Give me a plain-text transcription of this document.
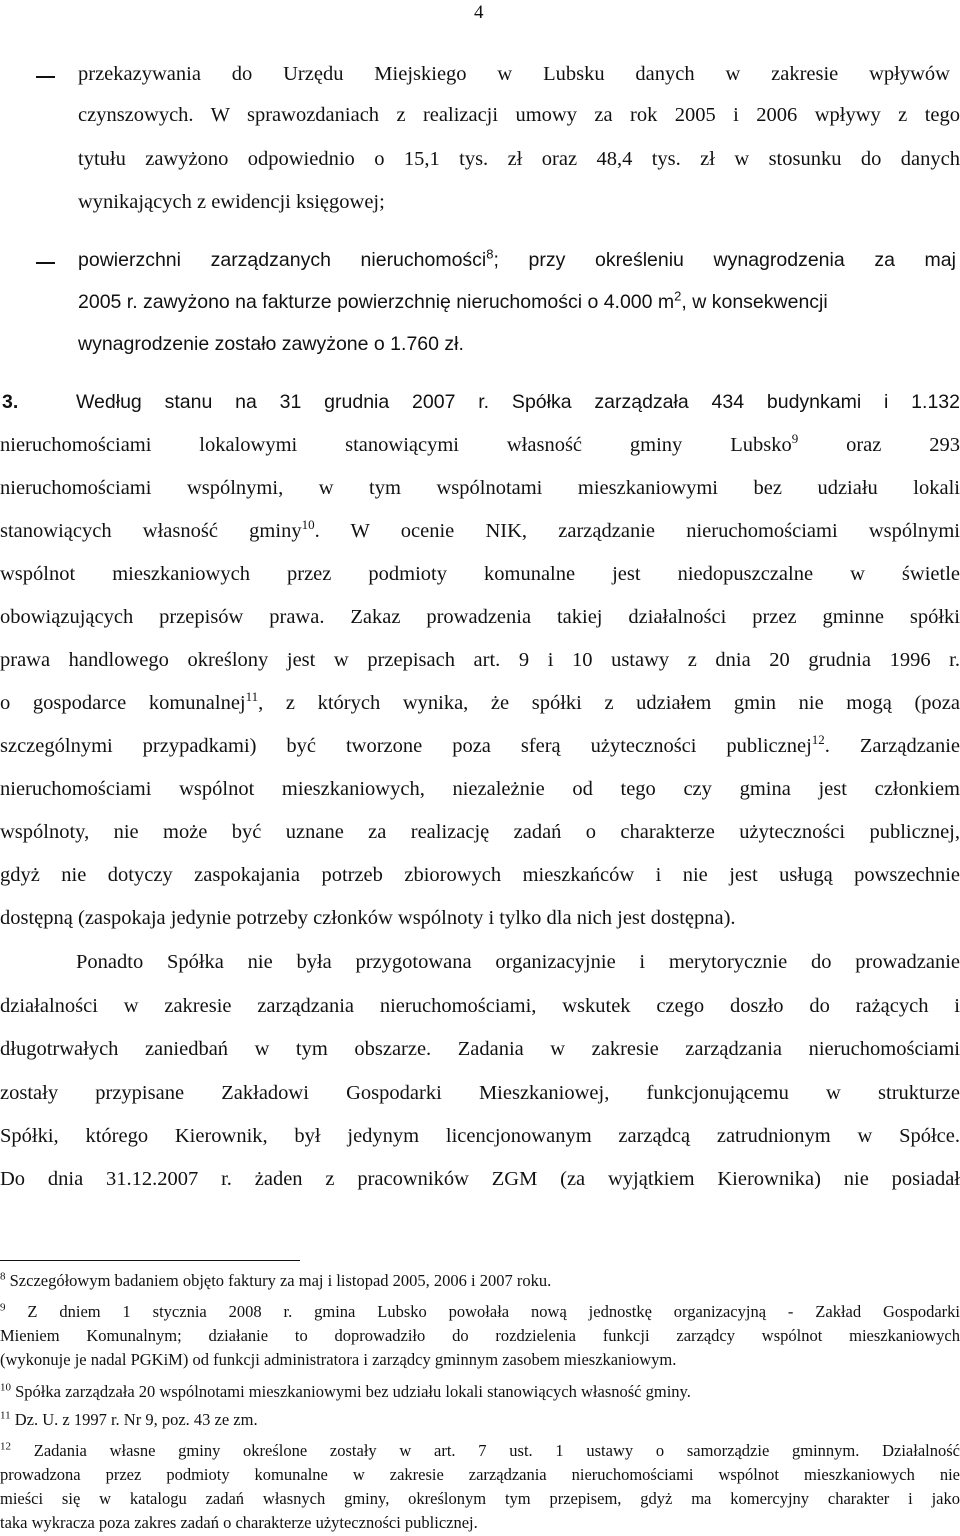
4
przekazywania do Urzędu Miejskiego w Lubsku danych w zakresie wpływów
czynszowych. W sprawozdaniach z realizacji umowy za rok 2005 i 2006 wpływy z tego
tytułu zawyżono odpowiednio o 15,1 tys. zł oraz 48,4 tys. zł w stosunku do danych
wynikających z ewidencji księgowej;
powierzchni zarządzanych nieruchomości$^8$; przy określeniu wynagrodzenia za maj
2005 r. zawyżono na fakturze powierzchnię nieruchomości o 4.000 $m^2$, w konsekwencji
wynagrodzenie zostało zawyżone o 1.760 zł.
3.	Według stanu na 31 grudnia 2007 r. Spółka zarządzała 434 budynkami i 1.132
nieruchomościami lokalowymi stanowiącymi własność gminy Lubsko$^9$ oraz 293
nieruchomościami wspólnymi, w tym wspólnotami mieszkaniowymi bez udziału lokali
stanowiących własność gminy$^{10}$. W ocenie NIK, zarządzanie nieruchomościami wspólnymi
wspólnot mieszkaniowych przez podmioty komunalne jest niedopuszczalne w świetle
obowiązujących przepisów prawa. Zakaz prowadzenia takiej działalności przez gminne spółki
prawa handlowego określony jest w przepisach art. 9 i 10 ustawy z dnia 20 grudnia 1996 r.
o gospodarce komunalnej$^{11}$, z których wynika, że spółki z udziałem gmin nie mogą (poza
szczególnymi przypadkami) być tworzone poza sferą użyteczności publicznej$^{12}$. Zarządzanie
nieruchomościami wspólnot mieszkaniowych, niezależnie od tego czy gmina jest członkiem
wspólnoty, nie może być uznane za realizację zadań o charakterze użyteczności publicznej,
gdyż nie dotyczy zaspokajania potrzeb zbiorowych mieszkańców i nie jest usługą powszechnie
dostępną (zaspokaja jedynie potrzeby członków wspólnoty i tylko dla nich jest dostępna).
Ponadto Spółka nie była przygotowana organizacyjnie i merytorycznie do prowadzanie
działalności w zakresie zarządzania nieruchomościami, wskutek czego doszło do rażących i
długotrwałych zaniedbań w tym obszarze. Zadania w zakresie zarządzania nieruchomościami
zostały przypisane Zakładowi Gospodarki Mieszkaniowej, funkcjonującemu w strukturze
Spółki, którego Kierownik, był jedynym licencjonowanym zarządcą zatrudnionym w Spółce.
Do dnia 31.12.2007 r. żaden z pracowników ZGM (za wyjątkiem Kierownika) nie posiadał
$^8$ Szczegółowym badaniem objęto faktury za maj i listopad 2005, 2006 i 2007 roku.
$^9$ Z dniem 1 stycznia 2008 r. gmina Lubsko powołała nową jednostkę organizacyjną - Zakład Gospodarki
Mieniem Komunalnym; działanie to doprowadziło do rozdzielenia funkcji zarządcy wspólnot mieszkaniowych
(wykonuje je nadal PGKiM) od funkcji administratora i zarządcy gminnym zasobem mieszkaniowym.
$^{10}$ Spółka zarządzała 20 wspólnotami mieszkaniowymi bez udziału lokali stanowiących własność gminy.
$^{11}$ Dz. U. z 1997 r. Nr 9, poz. 43 ze zm.
$^{12}$ Zadania własne gminy określone zostały w art. 7 ust. 1 ustawy o samorządzie gminnym. Działalność
prowadzona przez podmioty komunalne w zakresie zarządzania nieruchomościami wspólnot mieszkaniowych nie
mieści się w katalogu zadań własnych gminy, określonym tym przepisem, gdyż ma komercyjny charakter i jako
taka wykracza poza zakres zadań o charakterze użyteczności publicznej.
